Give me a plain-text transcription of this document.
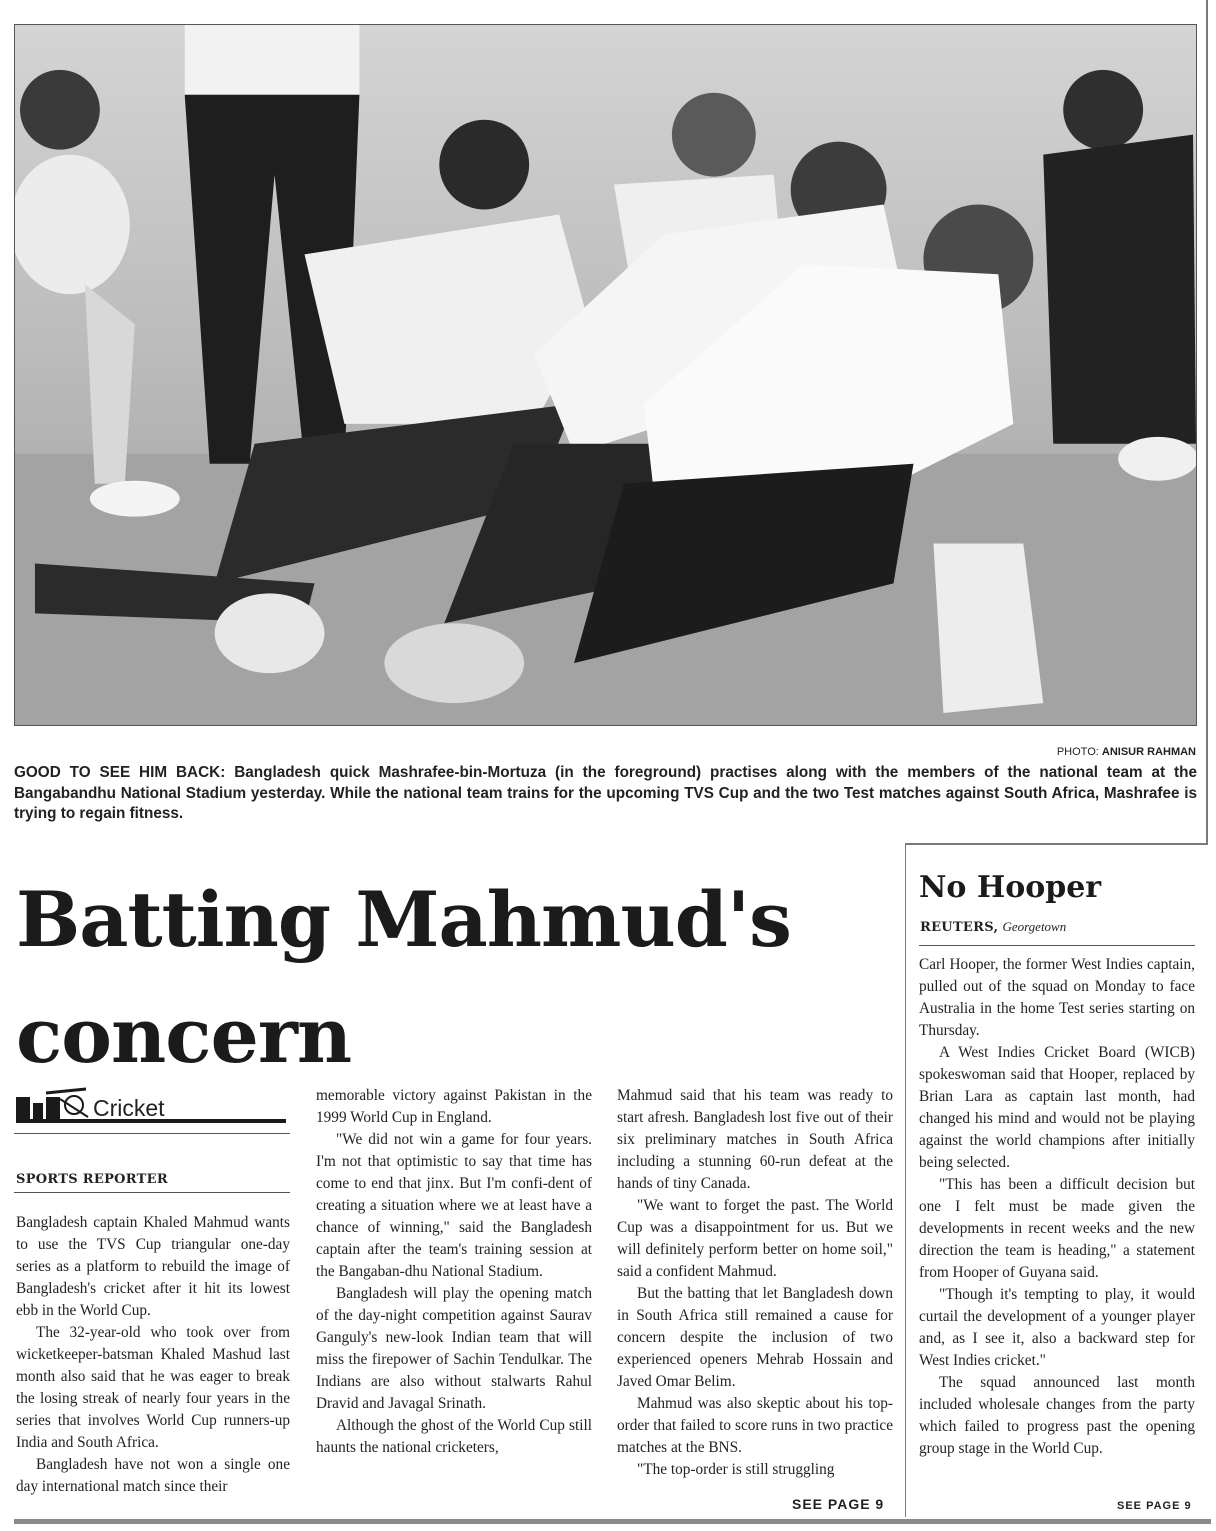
PHOTO: ANISUR RAHMAN
GOOD TO SEE HIM BACK: Bangladesh quick Mashrafee-bin-Mortuza (in the foreground) practises along with the members of the national team at the Bangabandhu National Stadium yesterday. While the national team trains for the upcoming TVS Cup and the two Test matches against South Africa, Mashrafee is trying to regain fitness.
Batting Mahmud's
concern
Cricket
SPORTS REPORTER

Bangladesh captain Khaled Mahmud wants to use the TVS Cup triangular one-day series as a platform to rebuild the image of Bangladesh's cricket after it hit its lowest ebb in the World Cup.

The 32-year-old who took over from wicketkeeper-batsman Khaled Mashud last month also said that he was eager to break the losing streak of nearly four years in the series that involves World Cup runners-up India and South Africa.

Bangladesh have not won a single one day international match since their

memorable victory against Pakistan in the 1999 World Cup in England.

"We did not win a game for four years. I'm not that optimistic to say that time has come to end that jinx. But I'm confi-dent of creating a situation where we at least have a chance of winning," said the Bangladesh captain after the team's training session at the Bangaban-dhu National Stadium.

Bangladesh will play the opening match of the day-night competition against Saurav Ganguly's new-look Indian team that will miss the firepower of Sachin Tendulkar. The Indians are also without stalwarts Rahul Dravid and Javagal Srinath.

Although the ghost of the World Cup still haunts the national cricketers,

Mahmud said that his team was ready to start afresh. Bangladesh lost five out of their six preliminary matches in South Africa including a stunning 60-run defeat at the hands of tiny Canada.

"We want to forget the past. The World Cup was a disappointment for us. But we will definitely perform better on home soil," said a confident Mahmud.

But the batting that let Bangladesh down in South Africa still remained a cause for concern despite the inclusion of two experienced openers Mehrab Hossain and Javed Omar Belim.

Mahmud was also skeptic about his top-order that failed to score runs in two practice matches at the BNS.

"The top-order is still struggling

SEE PAGE 9
No Hooper
REUTERS, Georgetown

Carl Hooper, the former West Indies captain, pulled out of the squad on Monday to face Australia in the home Test series starting on Thursday.

A West Indies Cricket Board (WICB) spokeswoman said that Hooper, replaced by Brian Lara as captain last month, had changed his mind and would not be playing against the world champions after initially being selected.

"This has been a difficult decision but one I felt must be made given the developments in recent weeks and the new direction the team is heading," a statement from Hooper of Guyana said.

"Though it's tempting to play, it would curtail the development of a younger player and, as I see it, also a backward step for West Indies cricket."

The squad announced last month included wholesale changes from the party which failed to progress past the opening group stage in the World Cup.

SEE PAGE 9
